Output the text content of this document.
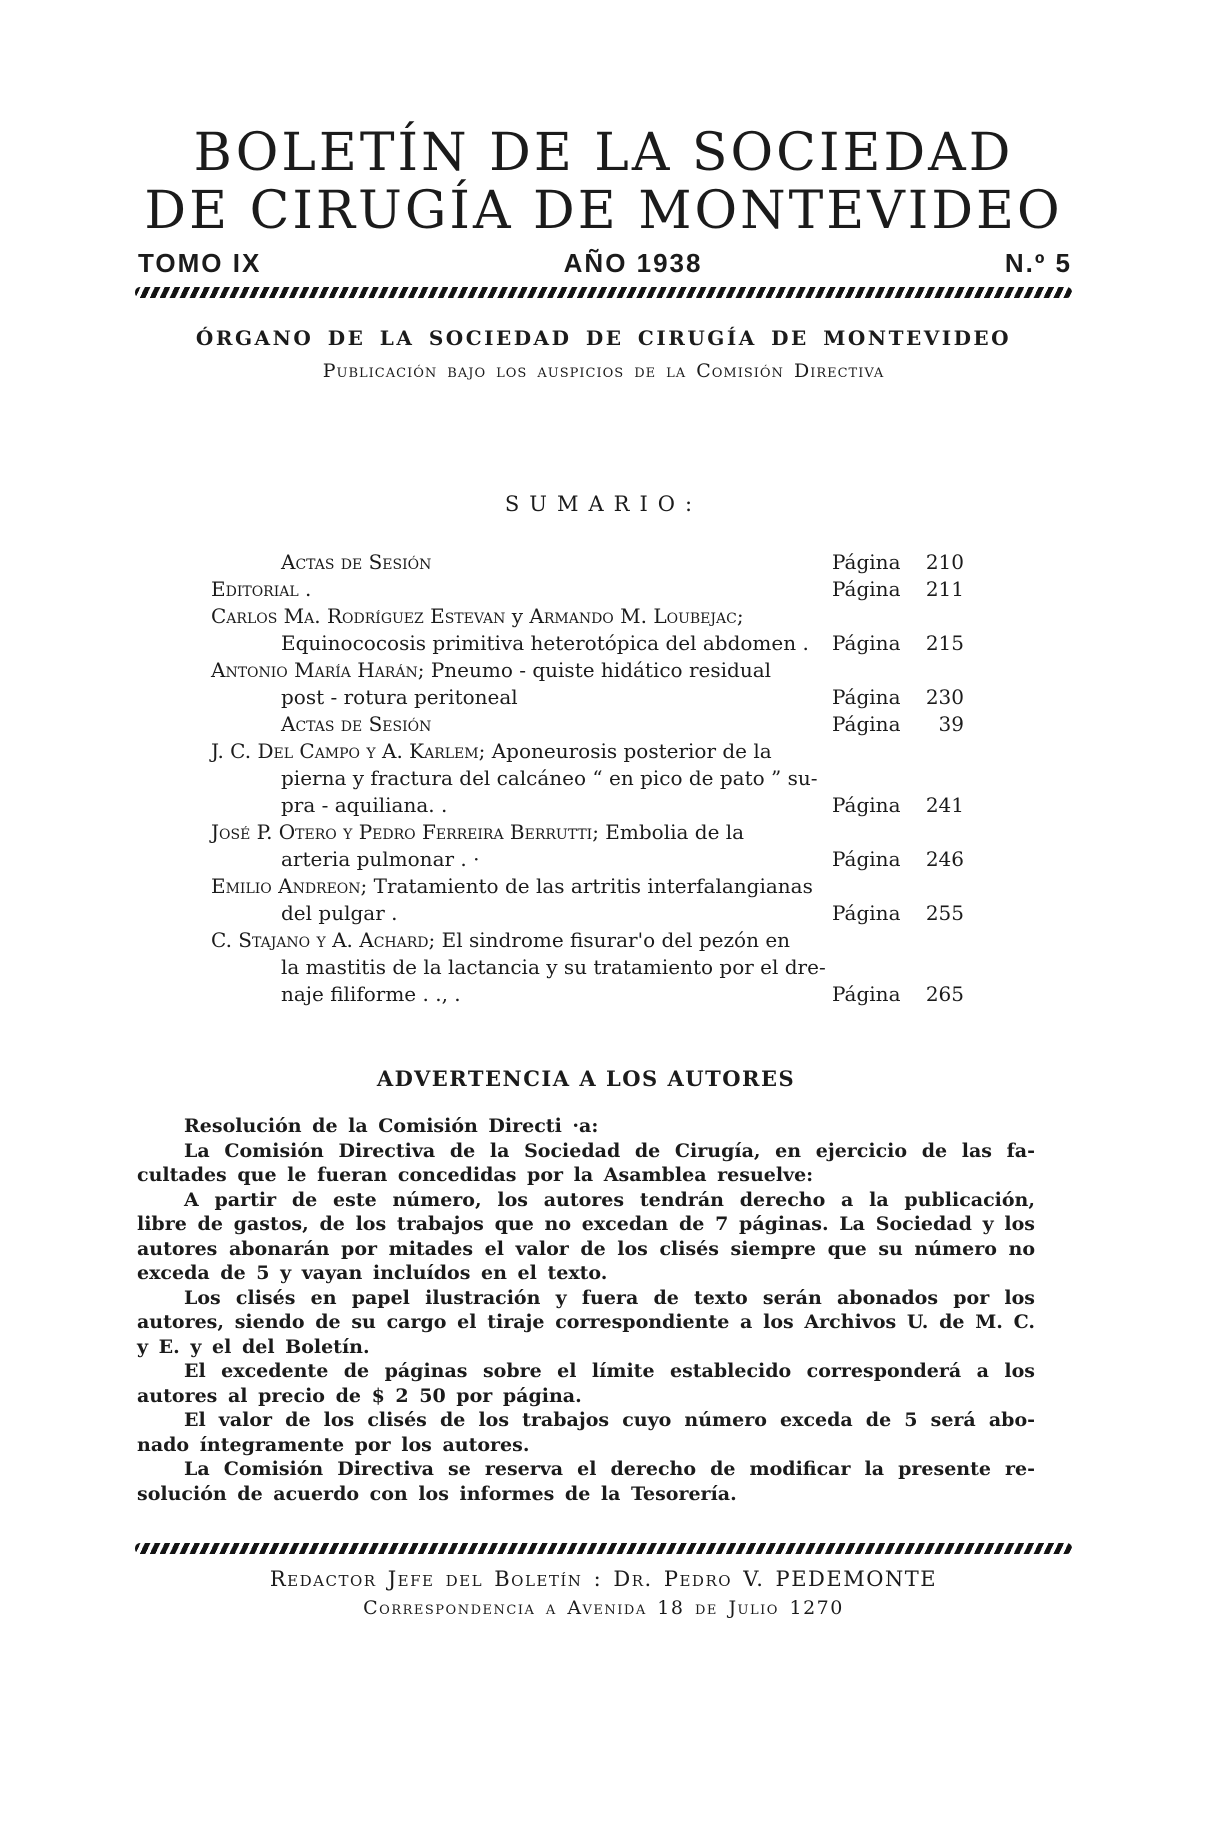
BOLETÍN DE LA SOCIEDAD
DE CIRUGÍA DE MONTEVIDEO
TOMO IX	AÑO 1938	N.º 5
ÓRGANO DE LA SOCIEDAD DE CIRUGÍA DE MONTEVIDEO
Publicación bajo los auspicios de la Comisión Directiva
SUMARIO:
Actas de Sesión	Página 210
Editorial .	Página 211
Carlos Ma. Rodríguez Estevan y Armando M. Loubejac;
Equinococosis primitiva heterotópica del abdomen . Página 215
Antonio María Harán; Pneumo - quiste hidático residual
post - rotura peritoneal	Página 230
Actas de Sesión	Página	39
J. C. Del Campo y A. Karlem; Aponeurosis posterior de la
pierna y fractura del calcáneo “ en pico de pato ” su-
pra - aquiliana. .	Página 241
José P. Otero y Pedro Ferreira Berrutti; Embolia de la
arteria pulmonar . ·	Página 246
Emilio Andreon; Tratamiento de las artritis interfalangianas
del pulgar .	Página 255
C. Stajano y A. Achard; El sindrome fisurar'o del pezón en
la mastitis de la lactancia y su tratamiento por el dre-
naje filiforme . ., .	Página 265
ADVERTENCIA A LOS AUTORES
Resolución de la Comisión Directi ·a:
La Comisión Directiva de la Sociedad de Cirugía, en ejercicio de las fa-
cultades que le fueran concedidas por la Asamblea resuelve:
A partir de este número, los autores tendrán derecho a la publicación,
libre de gastos, de los trabajos que no excedan de 7 páginas. La Sociedad y los
autores abonarán por mitades el valor de los clisés siempre que su número no
exceda de 5 y vayan incluídos en el texto.
Los clisés en papel ilustración y fuera de texto serán abonados por los
autores, siendo de su cargo el tiraje correspondiente a los Archivos U. de M. C.
y E. y el del Boletín.
El excedente de páginas sobre el límite establecido corresponderá a los
autores al precio de $ 2 50 por página.
El valor de los clisés de los trabajos cuyo número exceda de 5 será abo-
nado íntegramente por los autores.
La Comisión Directiva se reserva el derecho de modificar la presente re-
solución de acuerdo con los informes de la Tesorería.
Redactor Jefe del Boletín : Dr. Pedro V. PEDEMONTE
Correspondencia a Avenida 18 de Julio 1270
